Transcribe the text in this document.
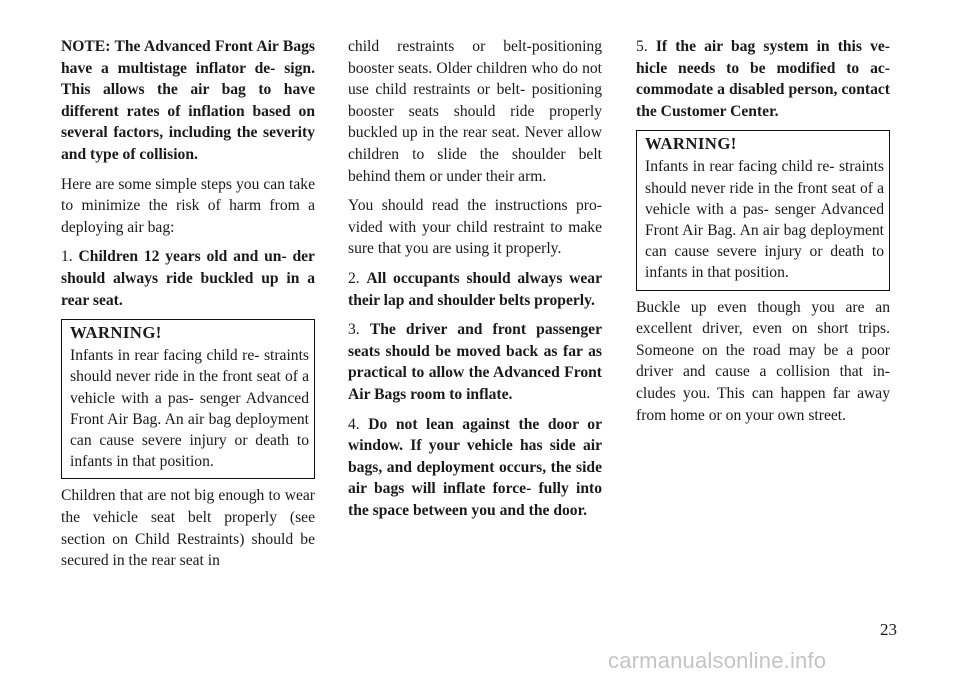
NOTE: The Advanced Front Air Bags have a multistage inflator de- sign. This allows the air bag to have different rates of inflation based on several factors, including the severity and type of collision.

Here are some simple steps you can take to minimize the risk of harm from a deploying air bag:

1. Children 12 years old and un- der should always ride buckled up in a rear seat.

WARNING!

Infants in rear facing child re- straints should never ride in the front seat of a vehicle with a pas- senger Advanced Front Air Bag. An air bag deployment can cause severe injury or death to infants in that position.

Children that are not big enough to wear the vehicle seat belt properly (see section on Child Restraints) should be secured in the rear seat in

child restraints or belt-positioning booster seats. Older children who do not use child restraints or belt- positioning booster seats should ride properly buckled up in the rear seat. Never allow children to slide the shoulder belt behind them or under their arm.

You should read the instructions pro- vided with your child restraint to make sure that you are using it properly.

2. All occupants should always wear their lap and shoulder belts properly.

3. The driver and front passenger seats should be moved back as far as practical to allow the Advanced Front Air Bags room to inflate.

4. Do not lean against the door or window. If your vehicle has side air bags, and deployment occurs, the side air bags will inflate force- fully into the space between you and the door.

5. If the air bag system in this ve- hicle needs to be modified to ac- commodate a disabled person, contact the Customer Center.

WARNING!

Infants in rear facing child re- straints should never ride in the front seat of a vehicle with a pas- senger Advanced Front Air Bag. An air bag deployment can cause severe injury or death to infants in that position.

Buckle up even though you are an excellent driver, even on short trips. Someone on the road may be a poor driver and cause a collision that in- cludes you. This can happen far away from home or on your own street.

23
carmanualsonline.info
